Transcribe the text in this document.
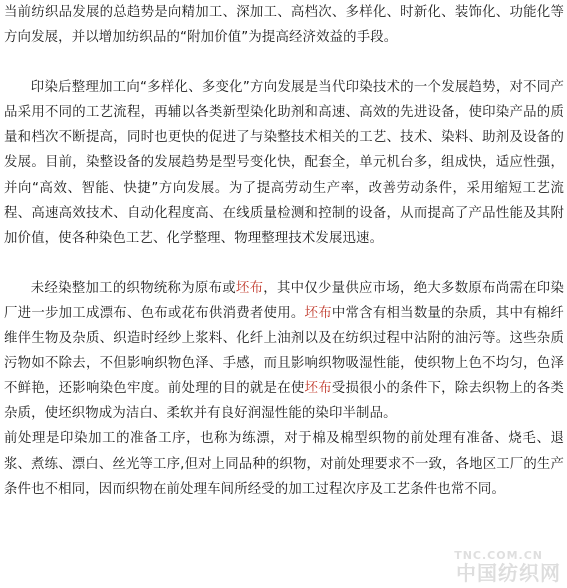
当前纺织品发展的总趋势是向精加工、深加工、高档次、多样化、时新化、装饰化、功能化等方向发展，并以增加纺织品的“附加价值”为提高经济效益的手段。

印染后整理加工向“多样化、多变化”方向发展是当代印染技术的一个发展趋势，对不同产品采用不同的工艺流程，再辅以各类新型染化助剂和高速、高效的先进设备，使印染产品的质量和档次不断提高，同时也更快的促进了与染整技术相关的工艺、技术、染料、助剂及设备的发展。目前，染整设备的发展趋势是型号变化快，配套全，单元机台多，组成快，适应性强，并向“高效、智能、快捷”方向发展。为了提高劳动生产率，改善劳动条件，采用缩短工艺流程、高速高效技术、自动化程度高、在线质量检测和控制的设备，从而提高了产品性能及其附加价值，使各种染色工艺、化学整理、物理整理技术发展迅速。

未经染整加工的织物统称为原布或坯布，其中仅少量供应市场，绝大多数原布尚需在印染厂进一步加工成漂布、色布或花布供消费者使用。坯布中常含有相当数量的杂质，其中有棉纤维伴生物及杂质、织造时经纱上浆料、化纤上油剂以及在纺织过程中沾附的油污等。这些杂质污物如不除去，不但影响织物色泽、手感，而且影响织物吸湿性能，使织物上色不均匀，色泽不鲜艳，还影响染色牢度。前处理的目的就是在使坯布受损很小的条件下，除去织物上的各类杂质，使坯织物成为洁白、柔软并有良好润湿性能的染印半制品。

前处理是印染加工的准备工序，也称为练漂，对于棉及棉型织物的前处理有准备、烧毛、退浆、煮练、漂白、丝光等工序,但对上同品种的织物，对前处理要求不一致，各地区工厂的生产条件也不相同，因而织物在前处理车间所经受的加工过程次序及工艺条件也常不同。

TNC.COM.CN
中国纺织网
